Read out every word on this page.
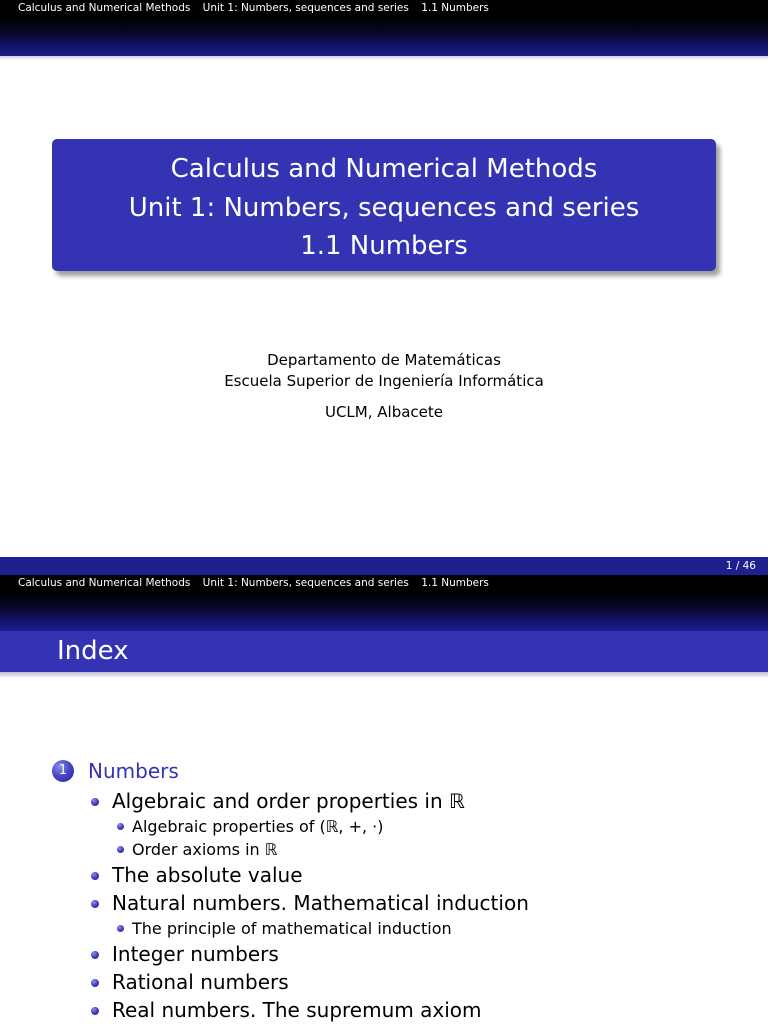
Calculus and Numerical Methods Unit 1: Numbers, sequences and series 1.1 Numbers
Calculus and Numerical Methods
Unit 1: Numbers, sequences and series
1.1 Numbers
Departamento de Matemáticas
Escuela Superior de Ingeniería Informática
UCLM, Albacete
1 / 46
Calculus and Numerical Methods Unit 1: Numbers, sequences and series 1.1 Numbers
Index
1	Numbers
Algebraic and order properties in ℝ
Algebraic properties of (ℝ, +, ·)
Order axioms in ℝ
The absolute value
Natural numbers. Mathematical induction
The principle of mathematical induction
Integer numbers
Rational numbers
Real numbers. The supremum axiom
